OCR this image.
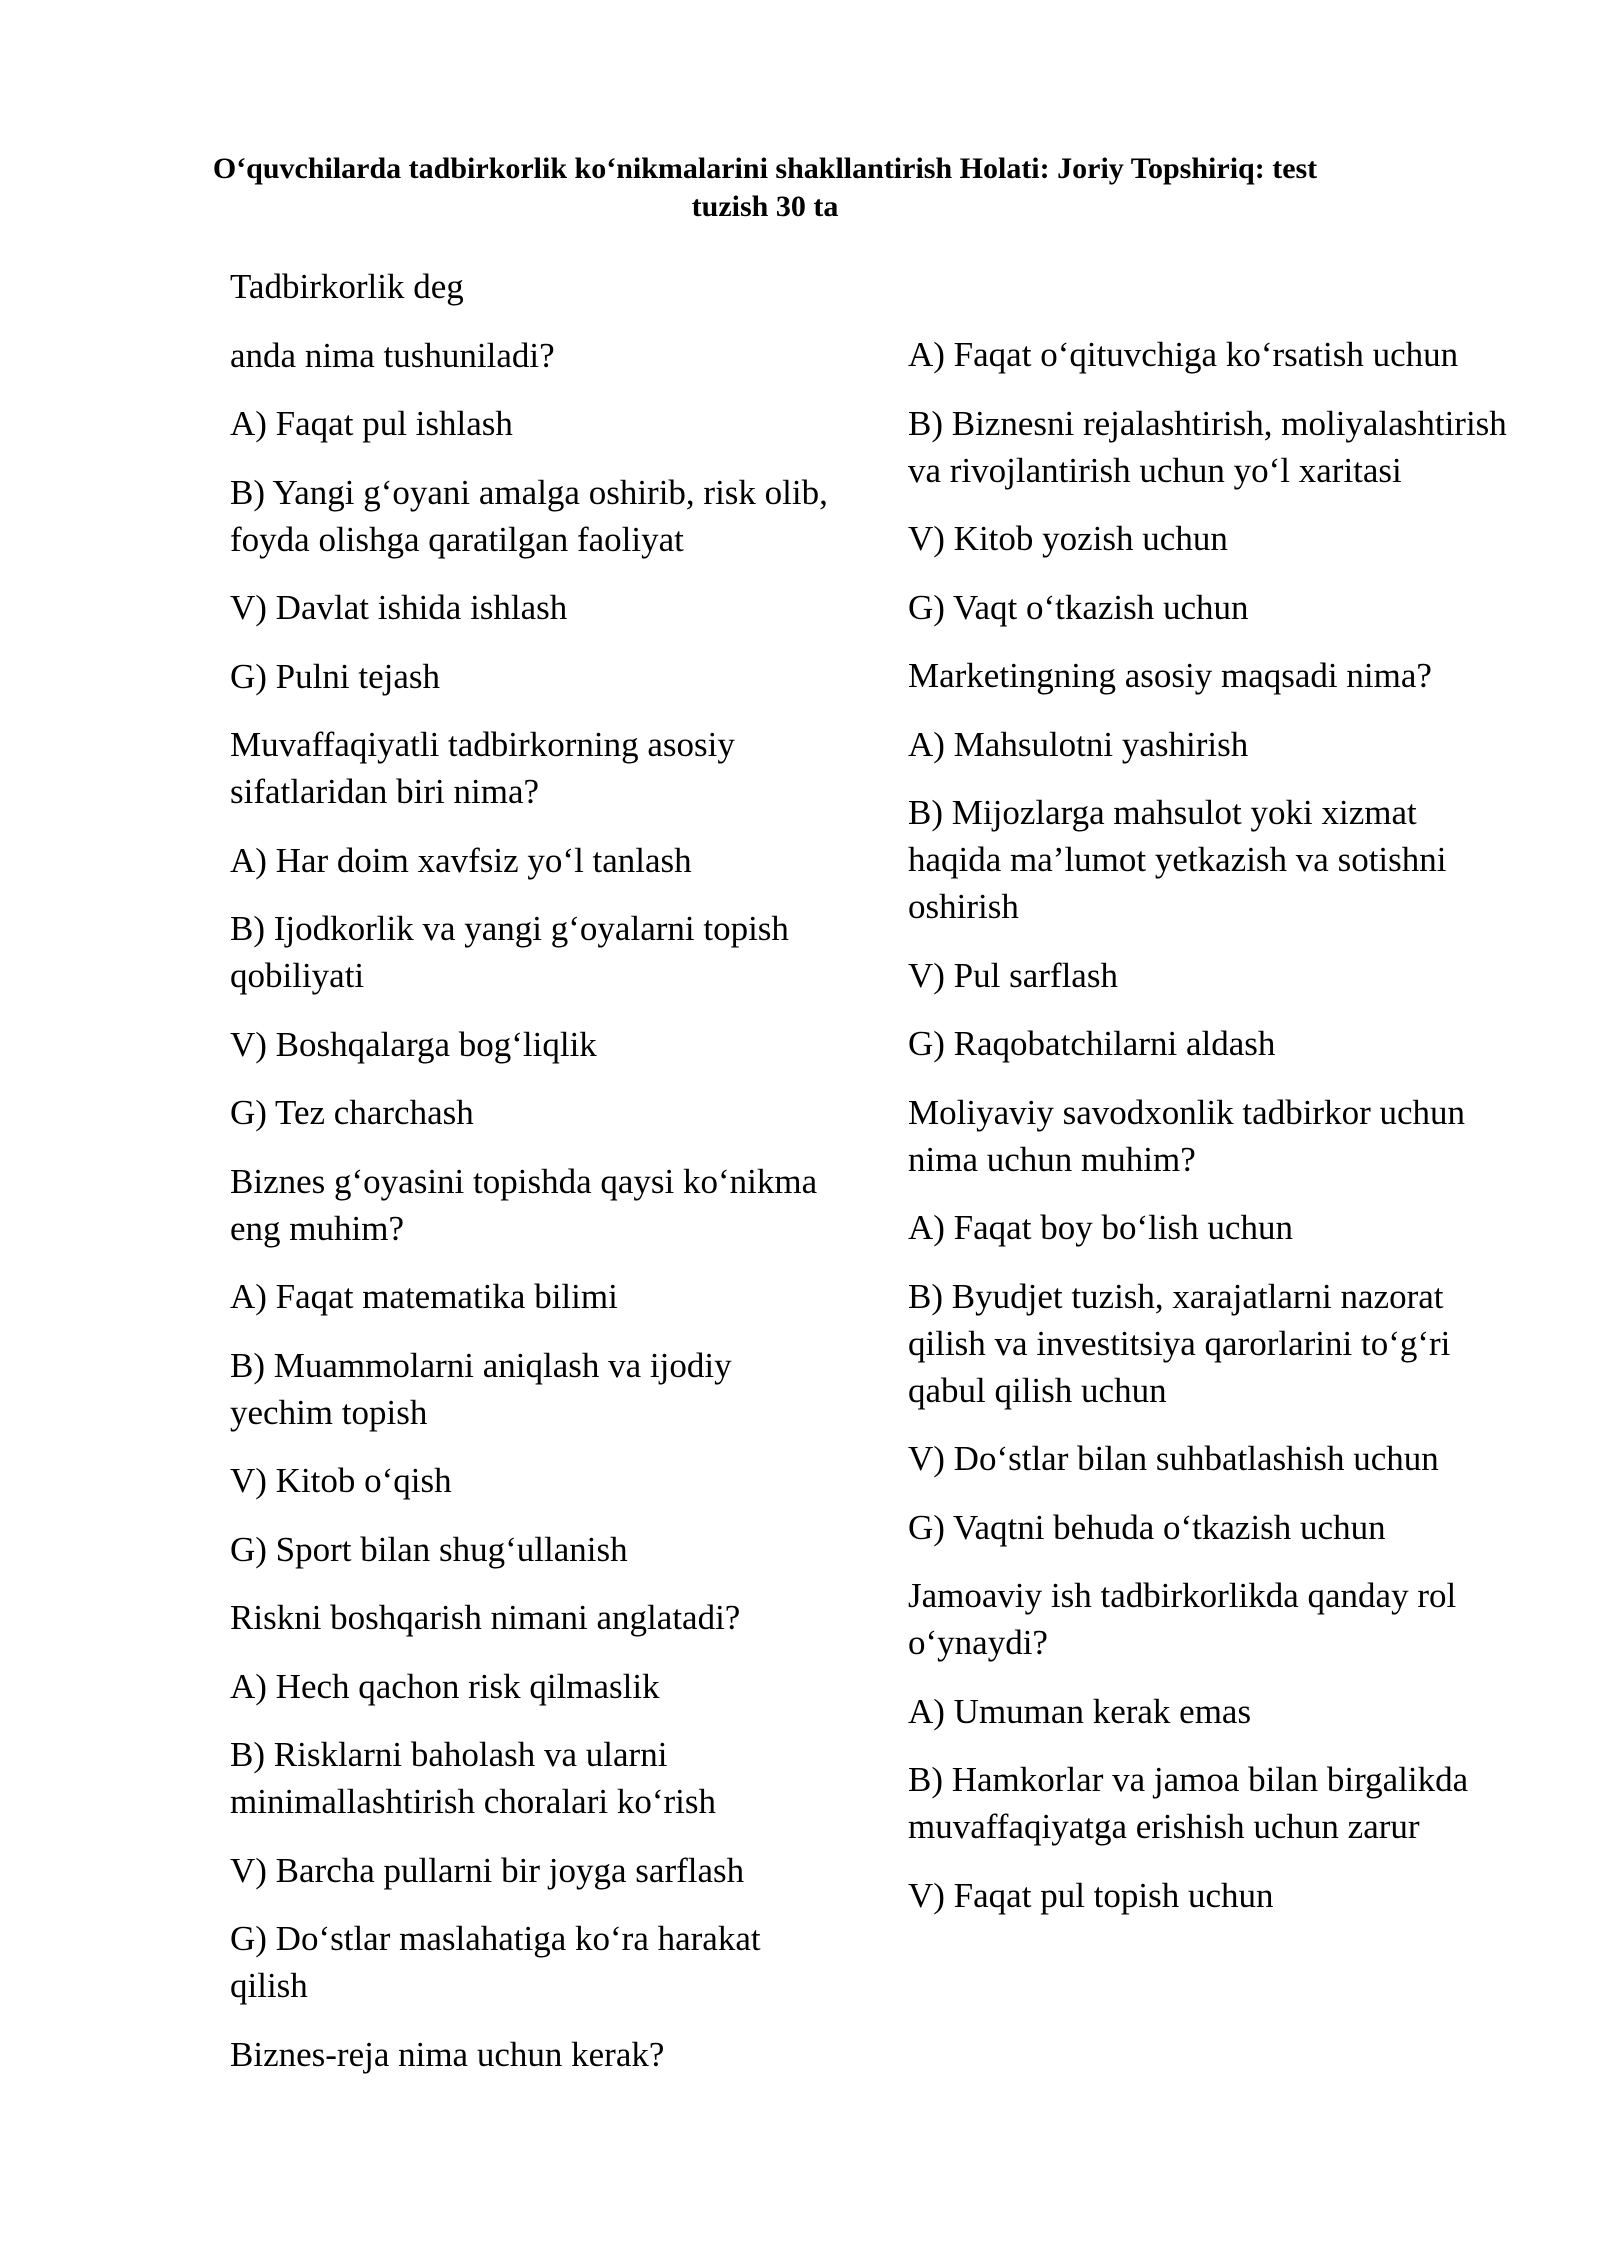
O‘quvchilarda tadbirkorlik ko‘nikmalarini shakllantirish Holati: Joriy Topshiriq: test tuzish 30 ta

Tadbirkorlik deg

anda nima tushuniladi?

A) Faqat pul ishlash

B) Yangi g‘oyani amalga oshirib, risk olib, foyda olishga qaratilgan faoliyat

V) Davlat ishida ishlash

G) Pulni tejash

Muvaffaqiyatli tadbirkorning asosiy sifatlaridan biri nima?

A) Har doim xavfsiz yo‘l tanlash

B) Ijodkorlik va yangi g‘oyalarni topish qobiliyati

V) Boshqalarga bog‘liqlik

G) Tez charchash

Biznes g‘oyasini topishda qaysi ko‘nikma eng muhim?

A) Faqat matematika bilimi

B) Muammolarni aniqlash va ijodiy yechim topish

V) Kitob o‘qish

G) Sport bilan shug‘ullanish

Riskni boshqarish nimani anglatadi?

A) Hech qachon risk qilmaslik

B) Risklarni baholash va ularni minimallashtirish choralari ko‘rish

V) Barcha pullarni bir joyga sarflash

G) Do‘stlar maslahatiga ko‘ra harakat qilish

Biznes-reja nima uchun kerak?

A) Faqat o‘qituvchiga ko‘rsatish uchun

B) Biznesni rejalashtirish, moliyalashtirish va rivojlantirish uchun yo‘l xaritasi

V) Kitob yozish uchun

G) Vaqt o‘tkazish uchun

Marketingning asosiy maqsadi nima?

A) Mahsulotni yashirish

B) Mijozlarga mahsulot yoki xizmat haqida ma’lumot yetkazish va sotishni oshirish

V) Pul sarflash

G) Raqobatchilarni aldash

Moliyaviy savodxonlik tadbirkor uchun nima uchun muhim?

A) Faqat boy bo‘lish uchun

B) Byudjet tuzish, xarajatlarni nazorat qilish va investitsiya qarorlarini to‘g‘ri qabul qilish uchun

V) Do‘stlar bilan suhbatlashish uchun

G) Vaqtni behuda o‘tkazish uchun

Jamoaviy ish tadbirkorlikda qanday rol o‘ynaydi?

A) Umuman kerak emas

B) Hamkorlar va jamoa bilan birgalikda muvaffaqiyatga erishish uchun zarur

V) Faqat pul topish uchun
